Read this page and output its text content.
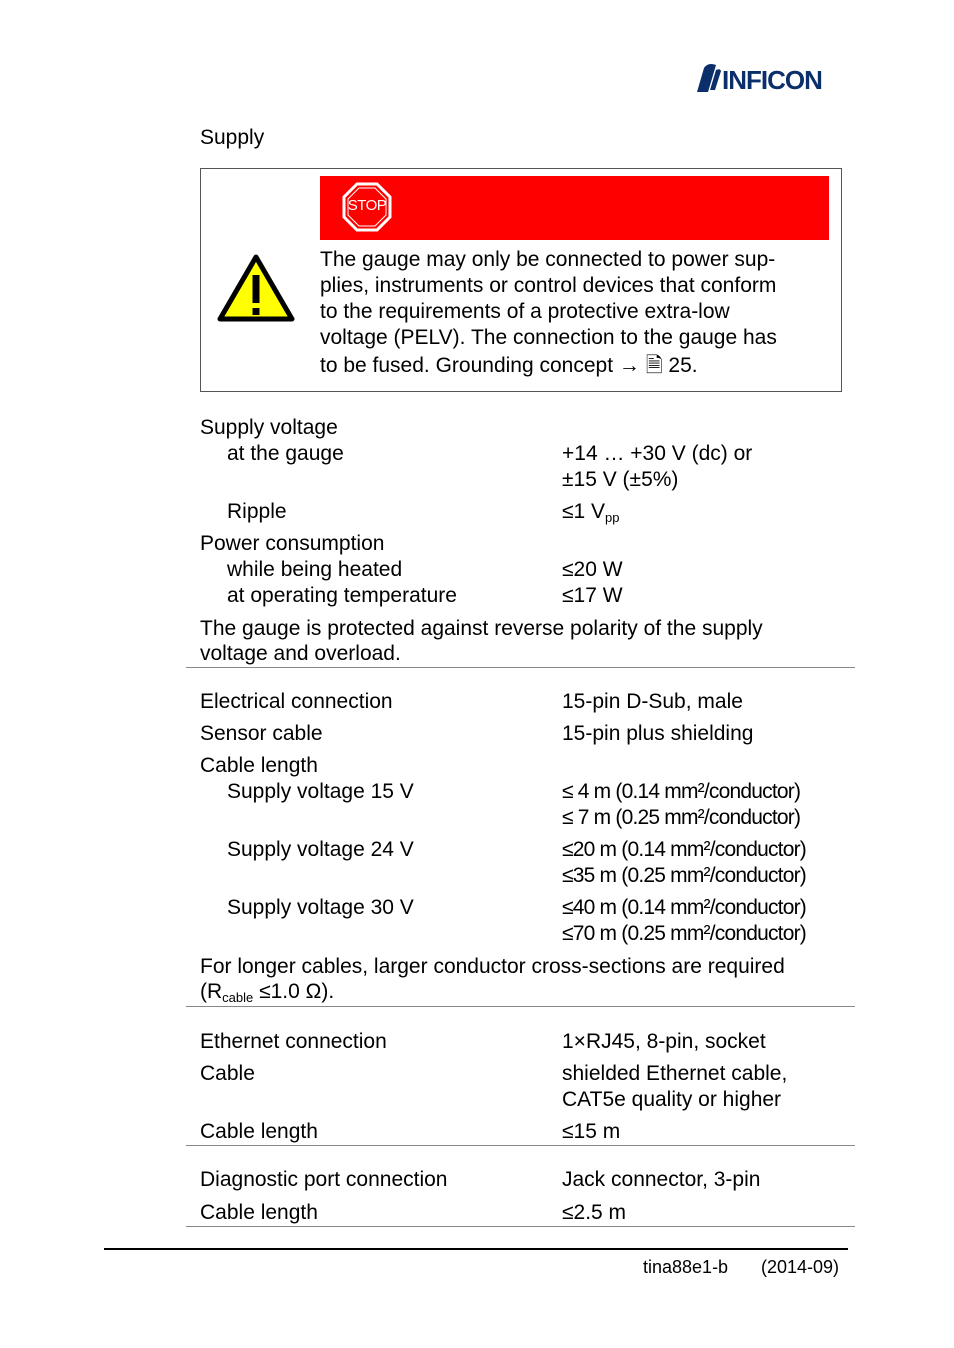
INFICON
Supply
STOP
The gauge may only be connected to power sup-
plies, instruments or control devices that conform
to the requirements of a protective extra-low
voltage (PELV). The connection to the gauge has
to be fused. Grounding concept → 🗎 25.
Supply voltage
at the gauge	+14 … +30 V (dc) or
±15 V (±5%)
Ripple	≤1 Vpp
Power consumption
while being heated	≤20 W
at operating temperature	≤17 W
The gauge is protected against reverse polarity of the supply
voltage and overload.
Electrical connection	15-pin D-Sub, male
Sensor cable	15-pin plus shielding
Cable length
Supply voltage 15 V	≤ 4 m (0.14 mm²/conductor)
≤ 7 m (0.25 mm²/conductor)
Supply voltage 24 V	≤20 m (0.14 mm²/conductor)
≤35 m (0.25 mm²/conductor)
Supply voltage 30 V	≤40 m (0.14 mm²/conductor)
≤70 m (0.25 mm²/conductor)
For longer cables, larger conductor cross-sections are required
(Rcable ≤1.0 Ω).
Ethernet connection	1×RJ45, 8-pin, socket
Cable	shielded Ethernet cable,
CAT5e quality or higher
Cable length	≤15 m
Diagnostic port connection	Jack connector, 3-pin
Cable length	≤2.5 m
tina88e1-b (2014-09)
